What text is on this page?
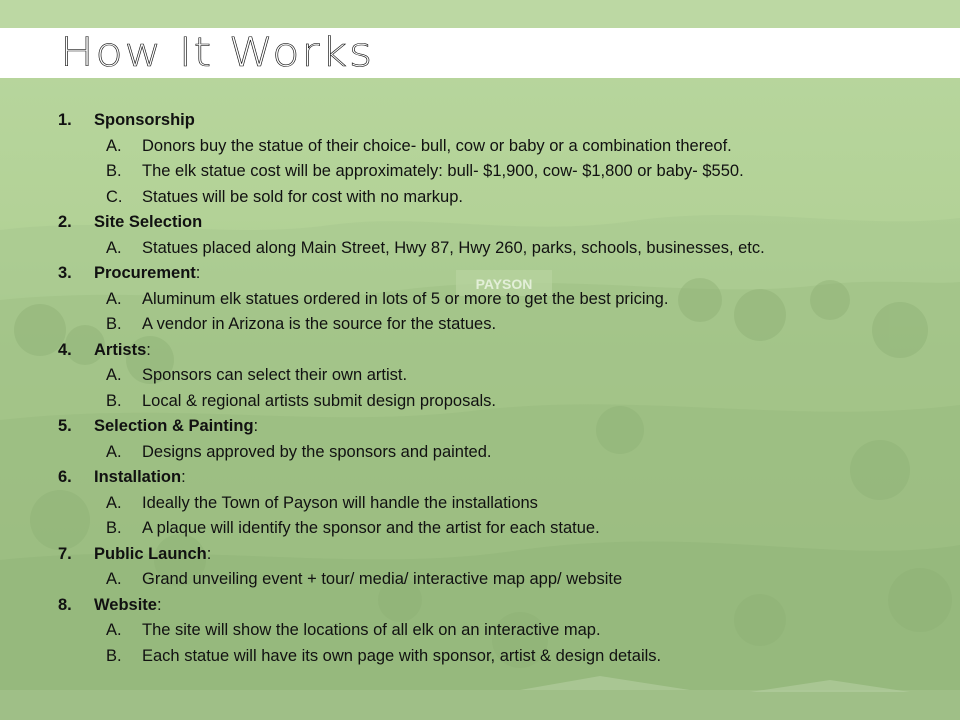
PAYSON
How It Works
1. Sponsorship
A. Donors buy the statue of their choice- bull, cow or baby or a combination thereof.
B. The elk statue cost will be approximately: bull- $1,900, cow- $1,800 or baby- $550.
C. Statues will be sold for cost with no markup.
2. Site Selection
A. Statues placed along Main Street, Hwy 87, Hwy 260, parks, schools, businesses, etc.
3. Procurement:
A. Aluminum elk statues ordered in lots of 5 or more to get the best pricing.
B. A vendor in Arizona is the source for the statues.
4. Artists:
A. Sponsors can select their own artist.
B. Local & regional artists submit design proposals.
5. Selection & Painting:
A. Designs approved by the sponsors and painted.
6. Installation:
A. Ideally the Town of Payson will handle the installations
B. A plaque will identify the sponsor and the artist for each statue.
7. Public Launch:
A. Grand unveiling event + tour/ media/ interactive map app/ website
8. Website:
A. The site will show the locations of all elk on an interactive map.
B. Each statue will have its own page with sponsor, artist & design details.
